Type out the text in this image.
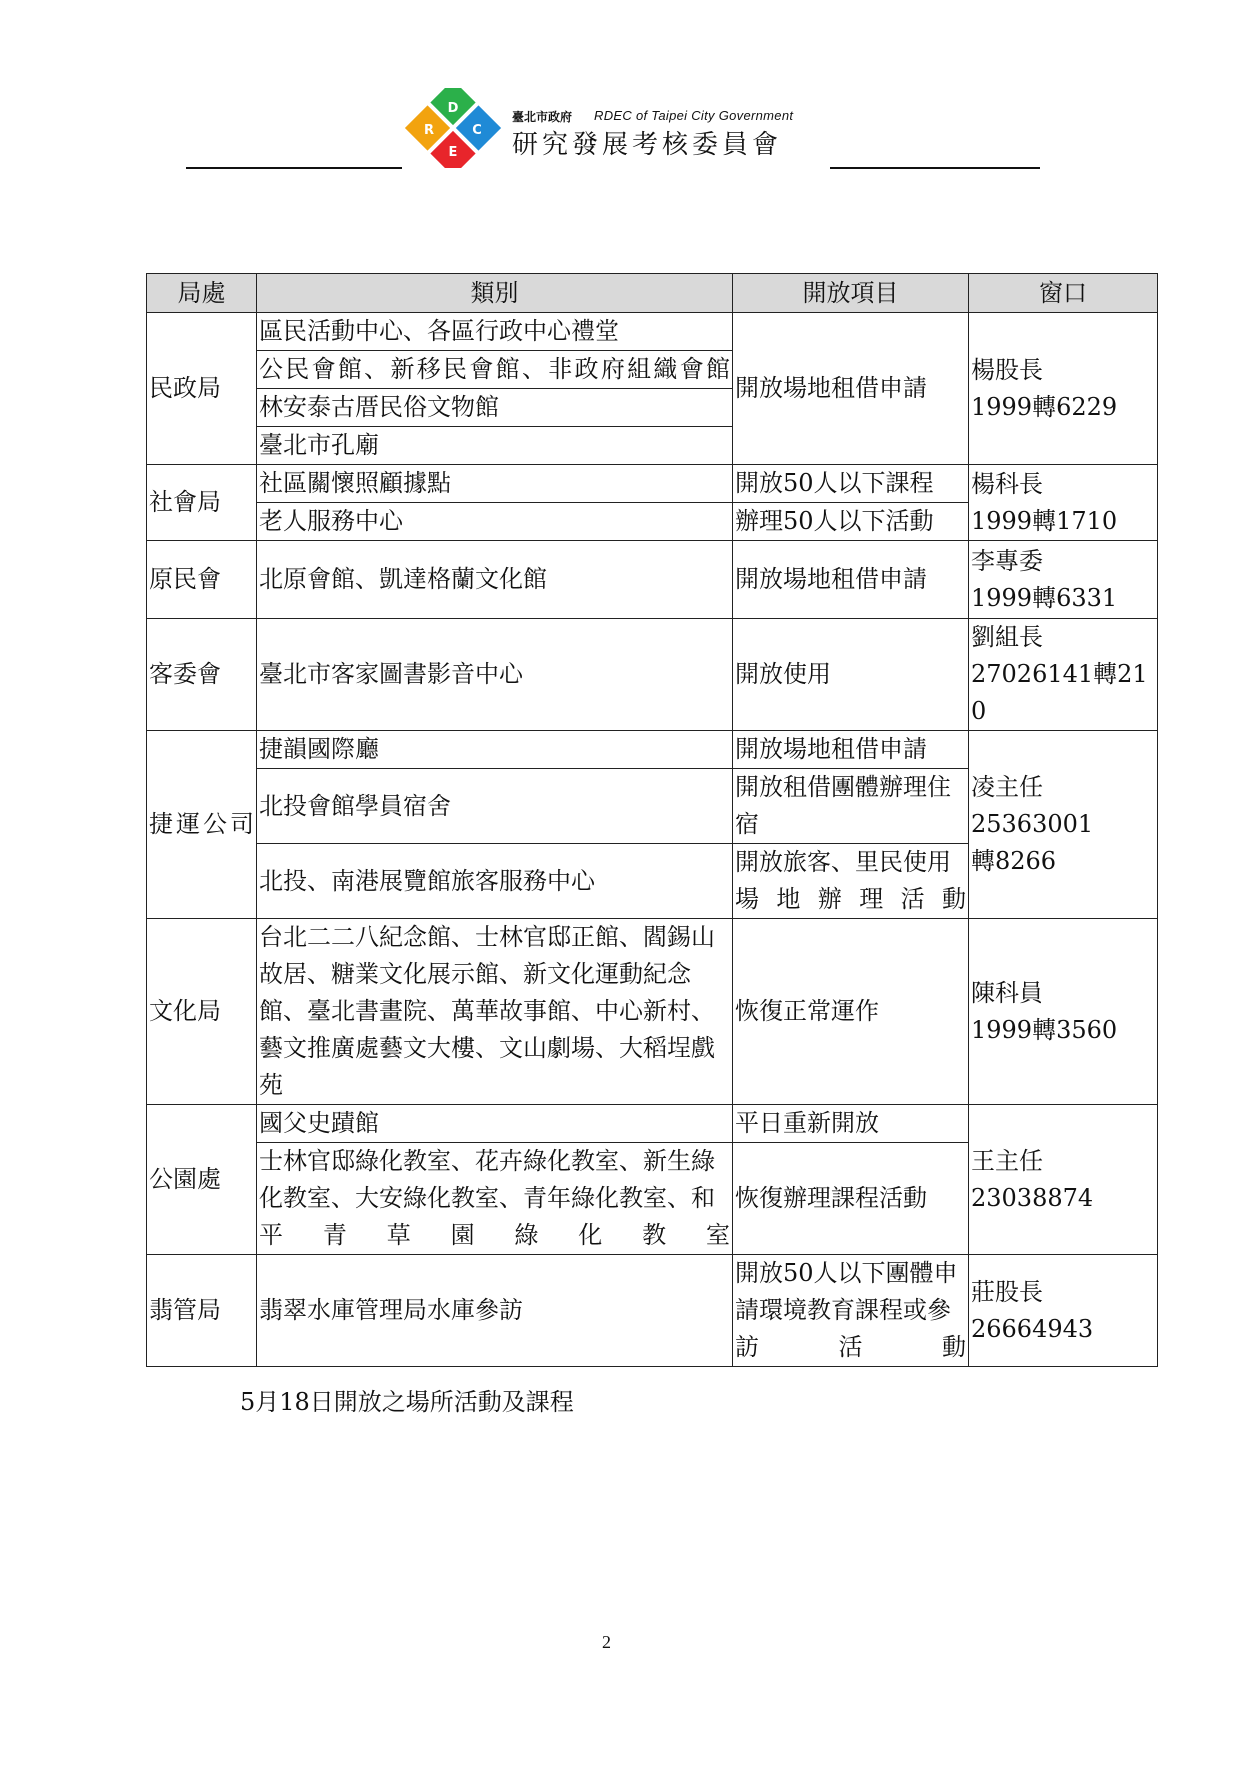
D
R	C
E
臺北市政府 RDEC of Taipei City Government
研究發展考核委員會
局處	類別	開放項目	窗口
民政局	區民活動中心、各區行政中心禮堂	開放場地租借申請	楊股長
1999轉6229

	公民會館、新移民會館、非政府組織會館		
	林安泰古厝民俗文物館		
	臺北市孔廟		
社會局	社區關懷照顧據點	開放50人以下課程	楊科長
1999轉1710

	老人服務中心	辦理50人以下活動	
原民會	北原會館、凱達格蘭文化館	開放場地租借申請	李專委
1999轉6331

客委會	臺北市客家圖書影音中心	開放使用	劉組長
27026141轉210

捷運公司	捷韻國際廳	開放場地租借申請	凌主任
25363001　　轉8266

	北投會館學員宿舍	開放租借團體辦理住宿	
	北投、南港展覽館旅客服務中心	開放旅客、里民使用場地辦理活動	
文化局	台北二二八紀念館、士林官邸正館、閻錫山故居、糖業文化展示館、新文化運動紀念館、臺北書畫院、萬華故事館、中心新村、藝文推廣處藝文大樓、文山劇場、大稻埕戲苑	恢復正常運作	陳科員
1999轉3560

公園處	國父史蹟館	平日重新開放	王主任
23038874

	士林官邸綠化教室、花卉綠化教室、新生綠化教室、大安綠化教室、青年綠化教室、和平青草園綠化教室	恢復辦理課程活動	
翡管局	翡翠水庫管理局水庫參訪	開放50人以下團體申請環境教育課程或參訪活動	莊股長
26664943
5月18日開放之場所活動及課程
2
